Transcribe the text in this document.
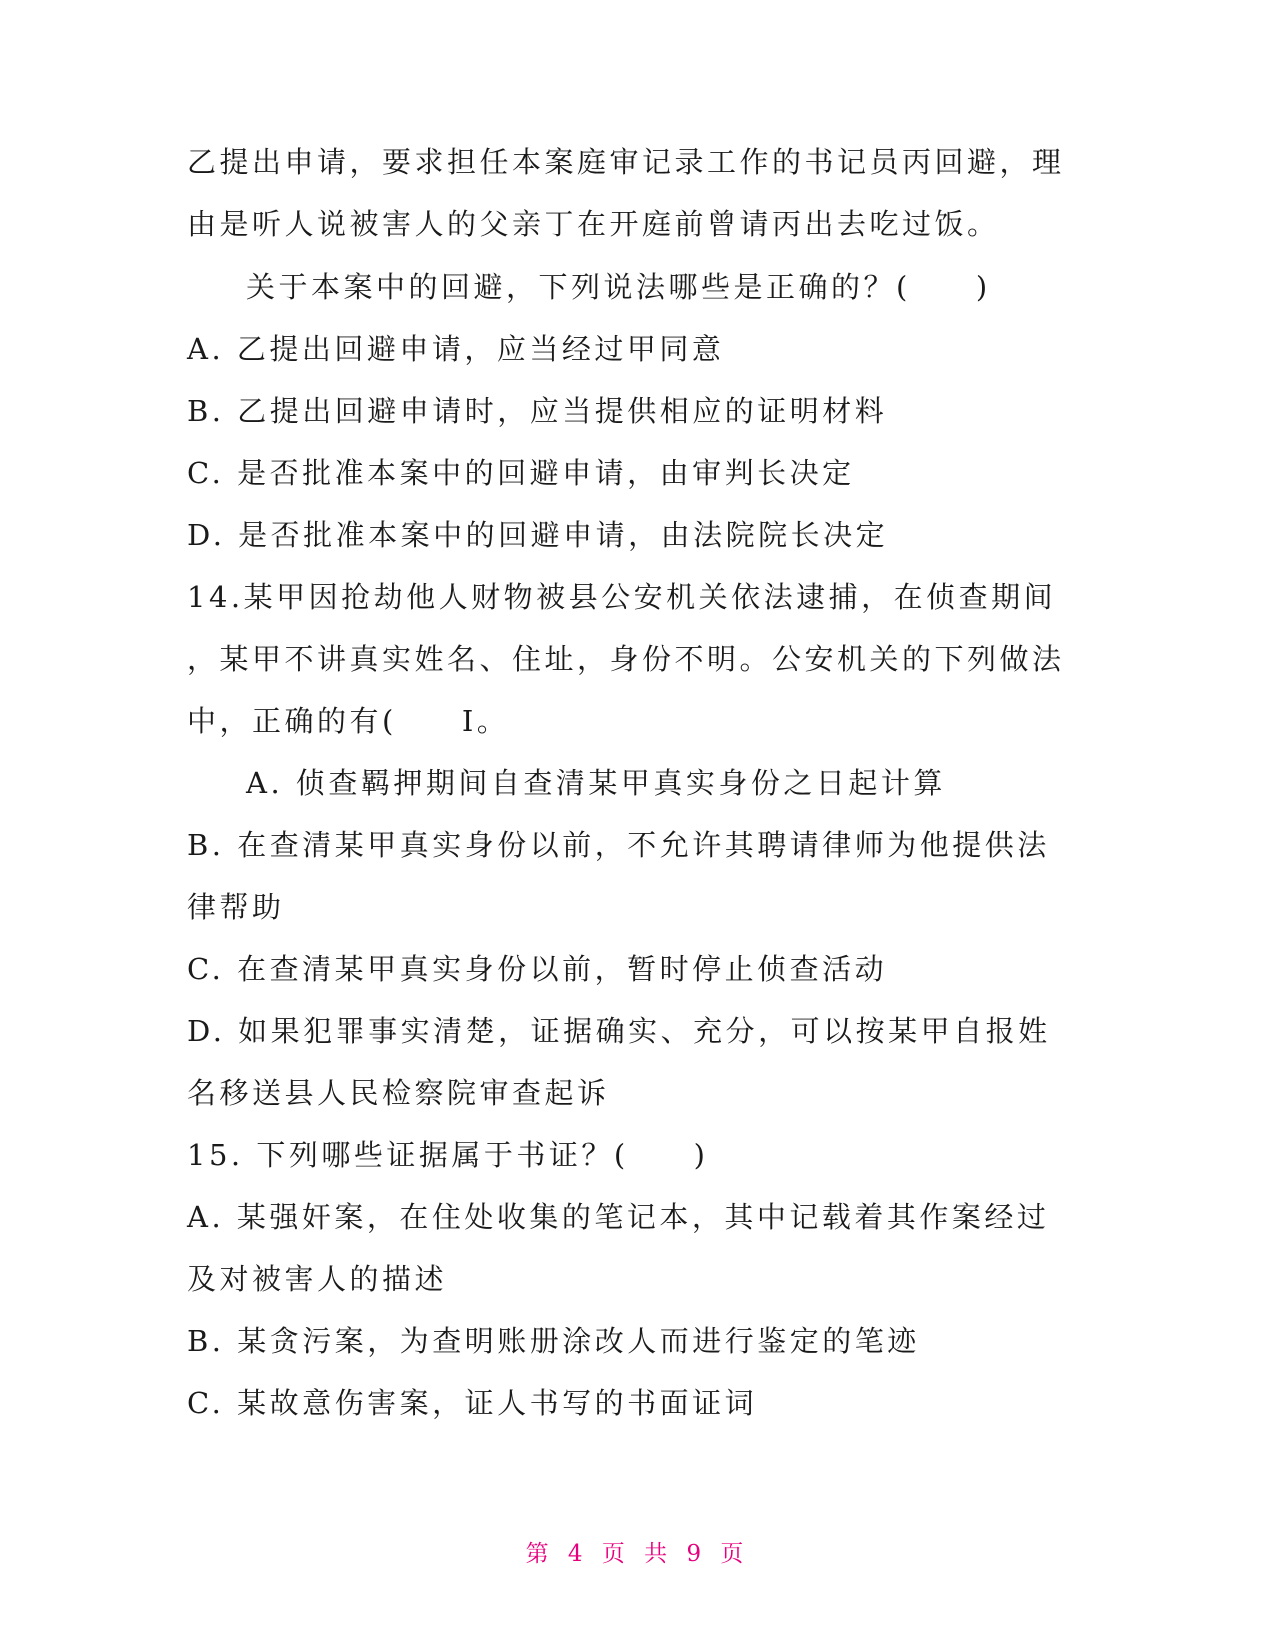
乙提出申请，要求担任本案庭审记录工作的书记员丙回避，理
由是听人说被害人的父亲丁在开庭前曾请丙出去吃过饭。
关于本案中的回避，下列说法哪些是正确的？(　　)
A. 乙提出回避申请，应当经过甲同意
B. 乙提出回避申请时，应当提供相应的证明材料
C. 是否批准本案中的回避申请，由审判长决定
D. 是否批准本案中的回避申请，由法院院长决定
14.某甲因抢劫他人财物被县公安机关依法逮捕，在侦查期间
，某甲不讲真实姓名、住址，身份不明。公安机关的下列做法
中，正确的有(　　I。
A. 侦查羁押期间自查清某甲真实身份之日起计算
B. 在查清某甲真实身份以前，不允许其聘请律师为他提供法
律帮助
C. 在查清某甲真实身份以前，暂时停止侦查活动
D. 如果犯罪事实清楚，证据确实、充分，可以按某甲自报姓
名移送县人民检察院审查起诉
15. 下列哪些证据属于书证？(　　)
A. 某强奸案，在住处收集的笔记本，其中记载着其作案经过
及对被害人的描述
B. 某贪污案，为查明账册涂改人而进行鉴定的笔迹
C. 某故意伤害案，证人书写的书面证词
第 4 页 共 9 页
